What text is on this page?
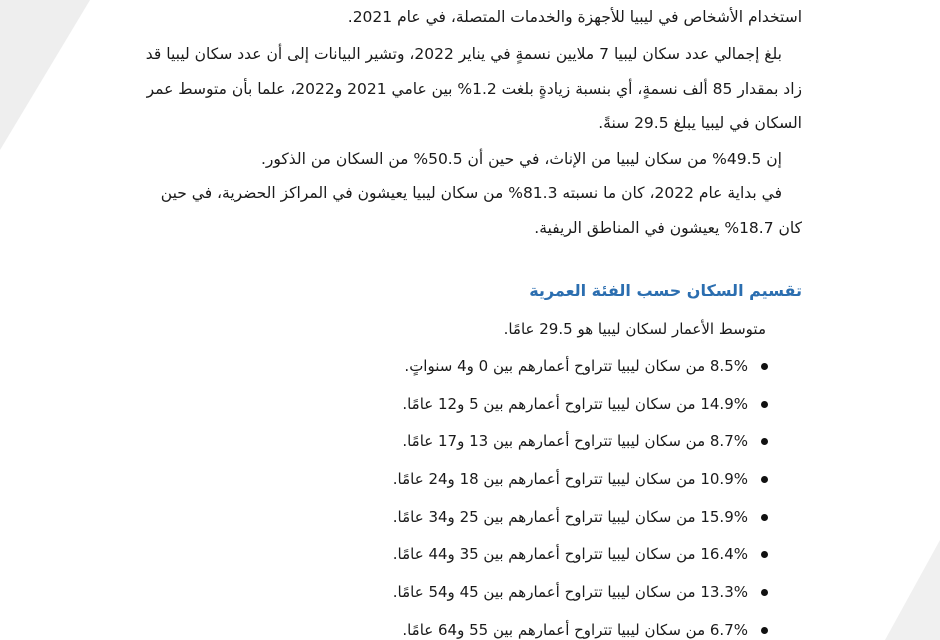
استخدام الأشخاص في ليبيا للأجهزة والخدمات المتصلة، في عام 2021.

بلغ إجمالي عدد سكان ليبيا 7 ملايين نسمةٍ في يناير 2022، وتشير البيانات إلى أن عدد سكان ليبيا قد زاد بمقدار 85 ألف نسمةٍ، أي بنسبة زيادةٍ بلغت 1.2% بين عامي 2021 و2022، علما بأن متوسط عمر السكان في ليبيا يبلغ 29.5 سنةً.

إن 49.5% من سكان ليبيا من الإناث، في حين أن 50.5% من السكان من الذكور.

في بداية عام 2022، كان ما نسبته 81.3% من سكان ليبيا يعيشون في المراكز الحضرية، في حين كان 18.7% يعيشون في المناطق الريفية.

تقسيم السكان حسب الفئة العمرية

متوسط الأعمار لسكان ليبيا هو 29.5 عامًا.

8.5% من سكان ليبيا تتراوح أعمارهم بين 0 و4 سنواتٍ.
14.9% من سكان ليبيا تتراوح أعمارهم بين 5 و12 عامًا.
8.7% من سكان ليبيا تتراوح أعمارهم بين 13 و17 عامًا.
10.9% من سكان ليبيا تتراوح أعمارهم بين 18 و24 عامًا.
15.9% من سكان ليبيا تتراوح أعمارهم بين 25 و34 عامًا.
16.4% من سكان ليبيا تتراوح أعمارهم بين 35 و44 عامًا.
13.3% من سكان ليبيا تتراوح أعمارهم بين 45 و54 عامًا.
6.7% من سكان ليبيا تتراوح أعمارهم بين 55 و64 عامًا.
